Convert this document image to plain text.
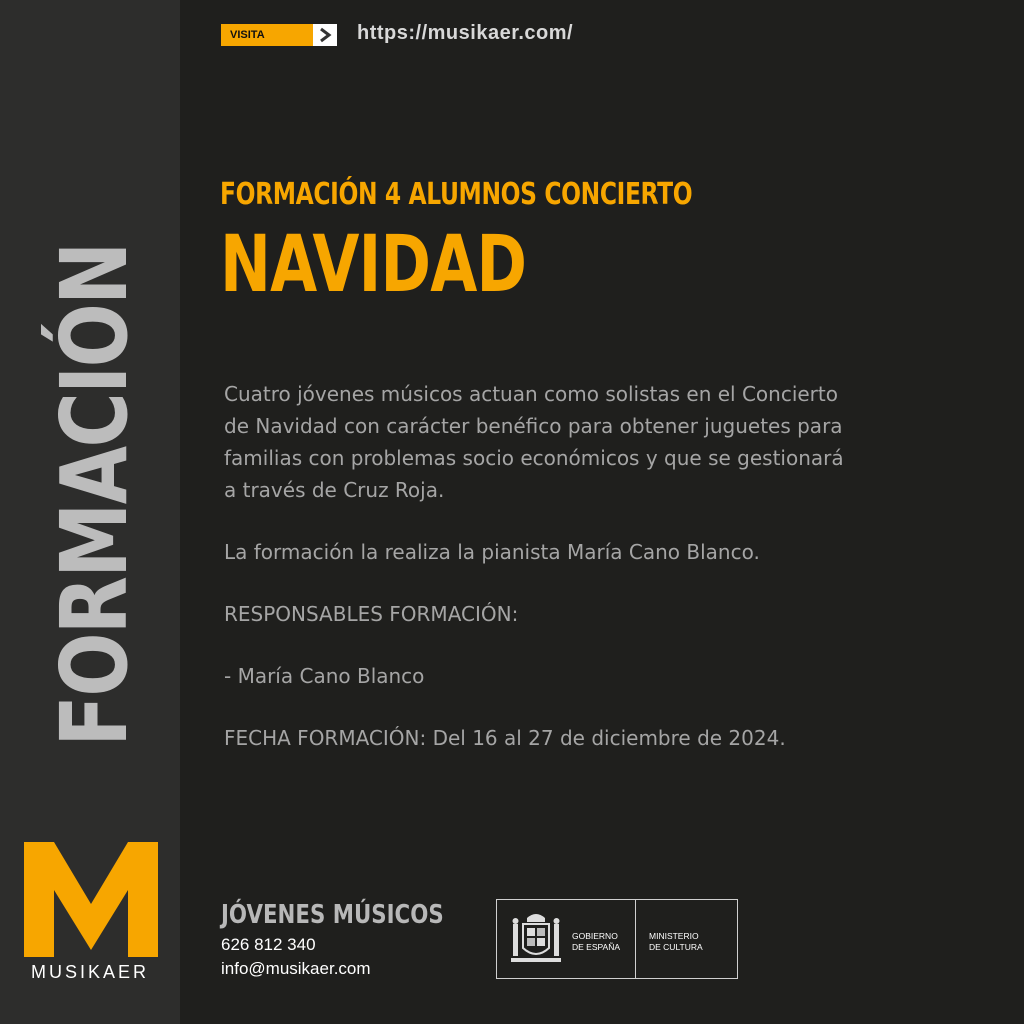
FORMACIÓN
MUSIKAER
VISITA	https://musikaer.com/
FORMACIÓN 4 ALUMNOS CONCIERTO
NAVIDAD

Cuatro jóvenes músicos actuan como solistas en el Concierto

de Navidad con carácter benéfico para obtener juguetes para

familias con problemas socio económicos y que se gestionará

a través de Cruz Roja.

La formación la realiza la pianista María Cano Blanco.

RESPONSABLES FORMACIÓN:

- María Cano Blanco

FECHA FORMACIÓN: Del 16 al 27 de diciembre de 2024.

JÓVENES MÚSICOS
626 812 340
info@musikaer.com
GOBIERNO
DE ESPAÑA
MINISTERIO
DE CULTURA
